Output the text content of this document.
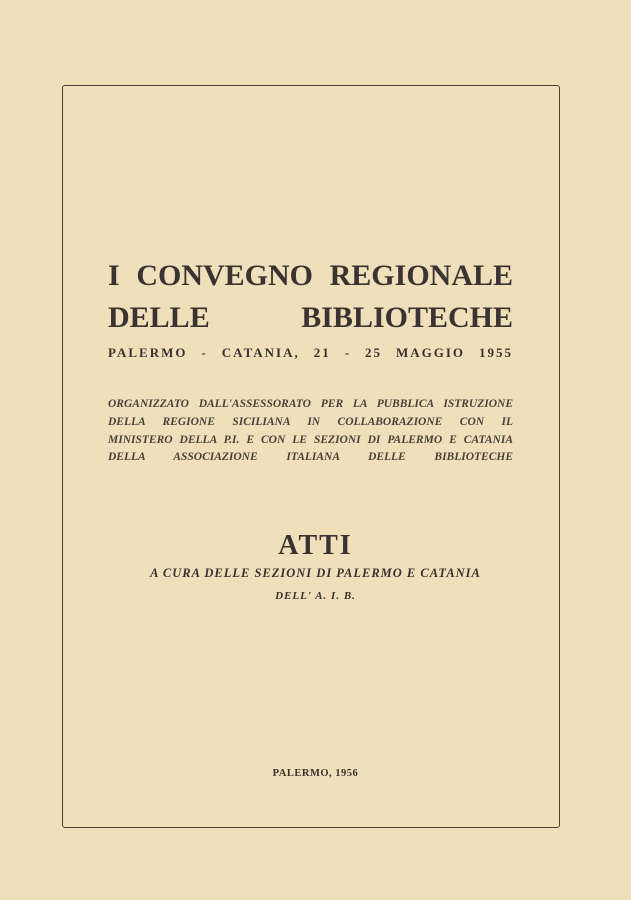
I CONVEGNO REGIONALE
DELLE BIBLIOTECHE
PALERMO - CATANIA, 21 - 25 MAGGIO 1955
ORGANIZZATO DALL'ASSESSORATO PER LA PUBBLICA ISTRUZIONE
DELLA REGIONE SICILIANA IN COLLABORAZIONE CON IL
MINISTERO DELLA P.I. E CON LE SEZIONI DI PALERMO E CATANIA
DELLA ASSOCIAZIONE ITALIANA DELLE BIBLIOTECHE
ATTI
A CURA DELLE SEZIONI DI PALERMO E CATANIA
DELL' A. I. B.
PALERMO, 1956
